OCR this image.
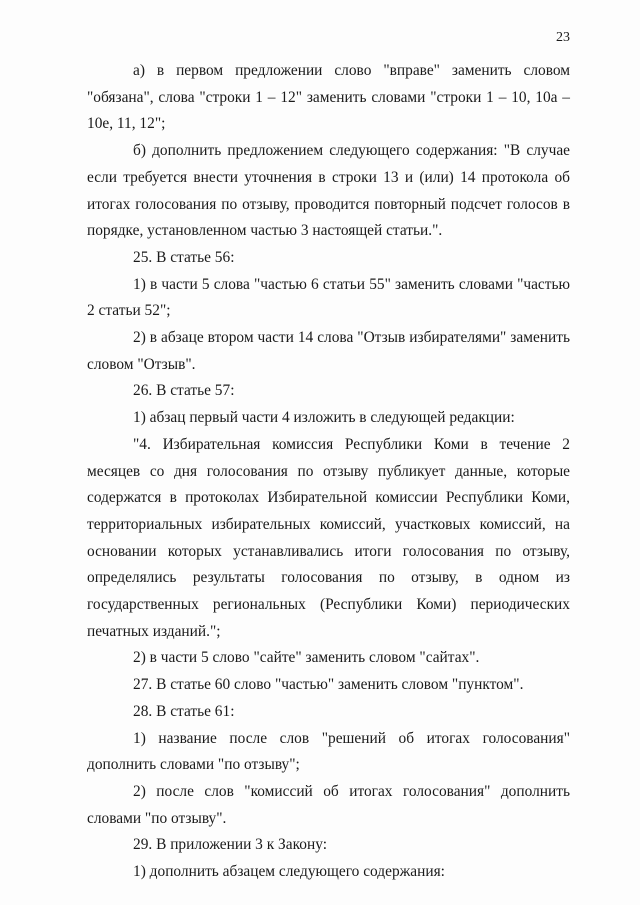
23

а) в первом предложении слово "вправе" заменить словом "обязана", слова "строки 1 – 12" заменить словами "строки 1 – 10, 10а – 10е, 11, 12";

б) дополнить предложением следующего содержания: "В случае если требуется внести уточнения в строки 13 и (или) 14 протокола об итогах голосования по отзыву, проводится повторный подсчет голосов в порядке, установленном частью 3 настоящей статьи.".

25. В статье 56:

1) в части 5 слова "частью 6 статьи 55" заменить словами "частью 2 статьи 52";

2) в абзаце втором части 14 слова "Отзыв избирателями" заменить словом "Отзыв".

26. В статье 57:

1) абзац первый части 4 изложить в следующей редакции:

"4. Избирательная комиссия Республики Коми в течение 2 месяцев со дня голосования по отзыву публикует данные, которые содержатся в протоколах Избирательной комиссии Республики Коми, территориальных избирательных комиссий, участковых комиссий, на основании которых устанавливались итоги голосования по отзыву, определялись результаты голосования по отзыву, в одном из государственных региональных (Республики Коми) периодических печатных изданий.";

2) в части 5 слово "сайте" заменить словом "сайтах".

27. В статье 60 слово "частью" заменить словом "пунктом".

28. В статье 61:

1) название после слов "решений об итогах голосования" дополнить словами "по отзыву";

2) после слов "комиссий об итогах голосования" дополнить словами "по отзыву".

29. В приложении 3 к Закону:

1) дополнить абзацем следующего содержания:
